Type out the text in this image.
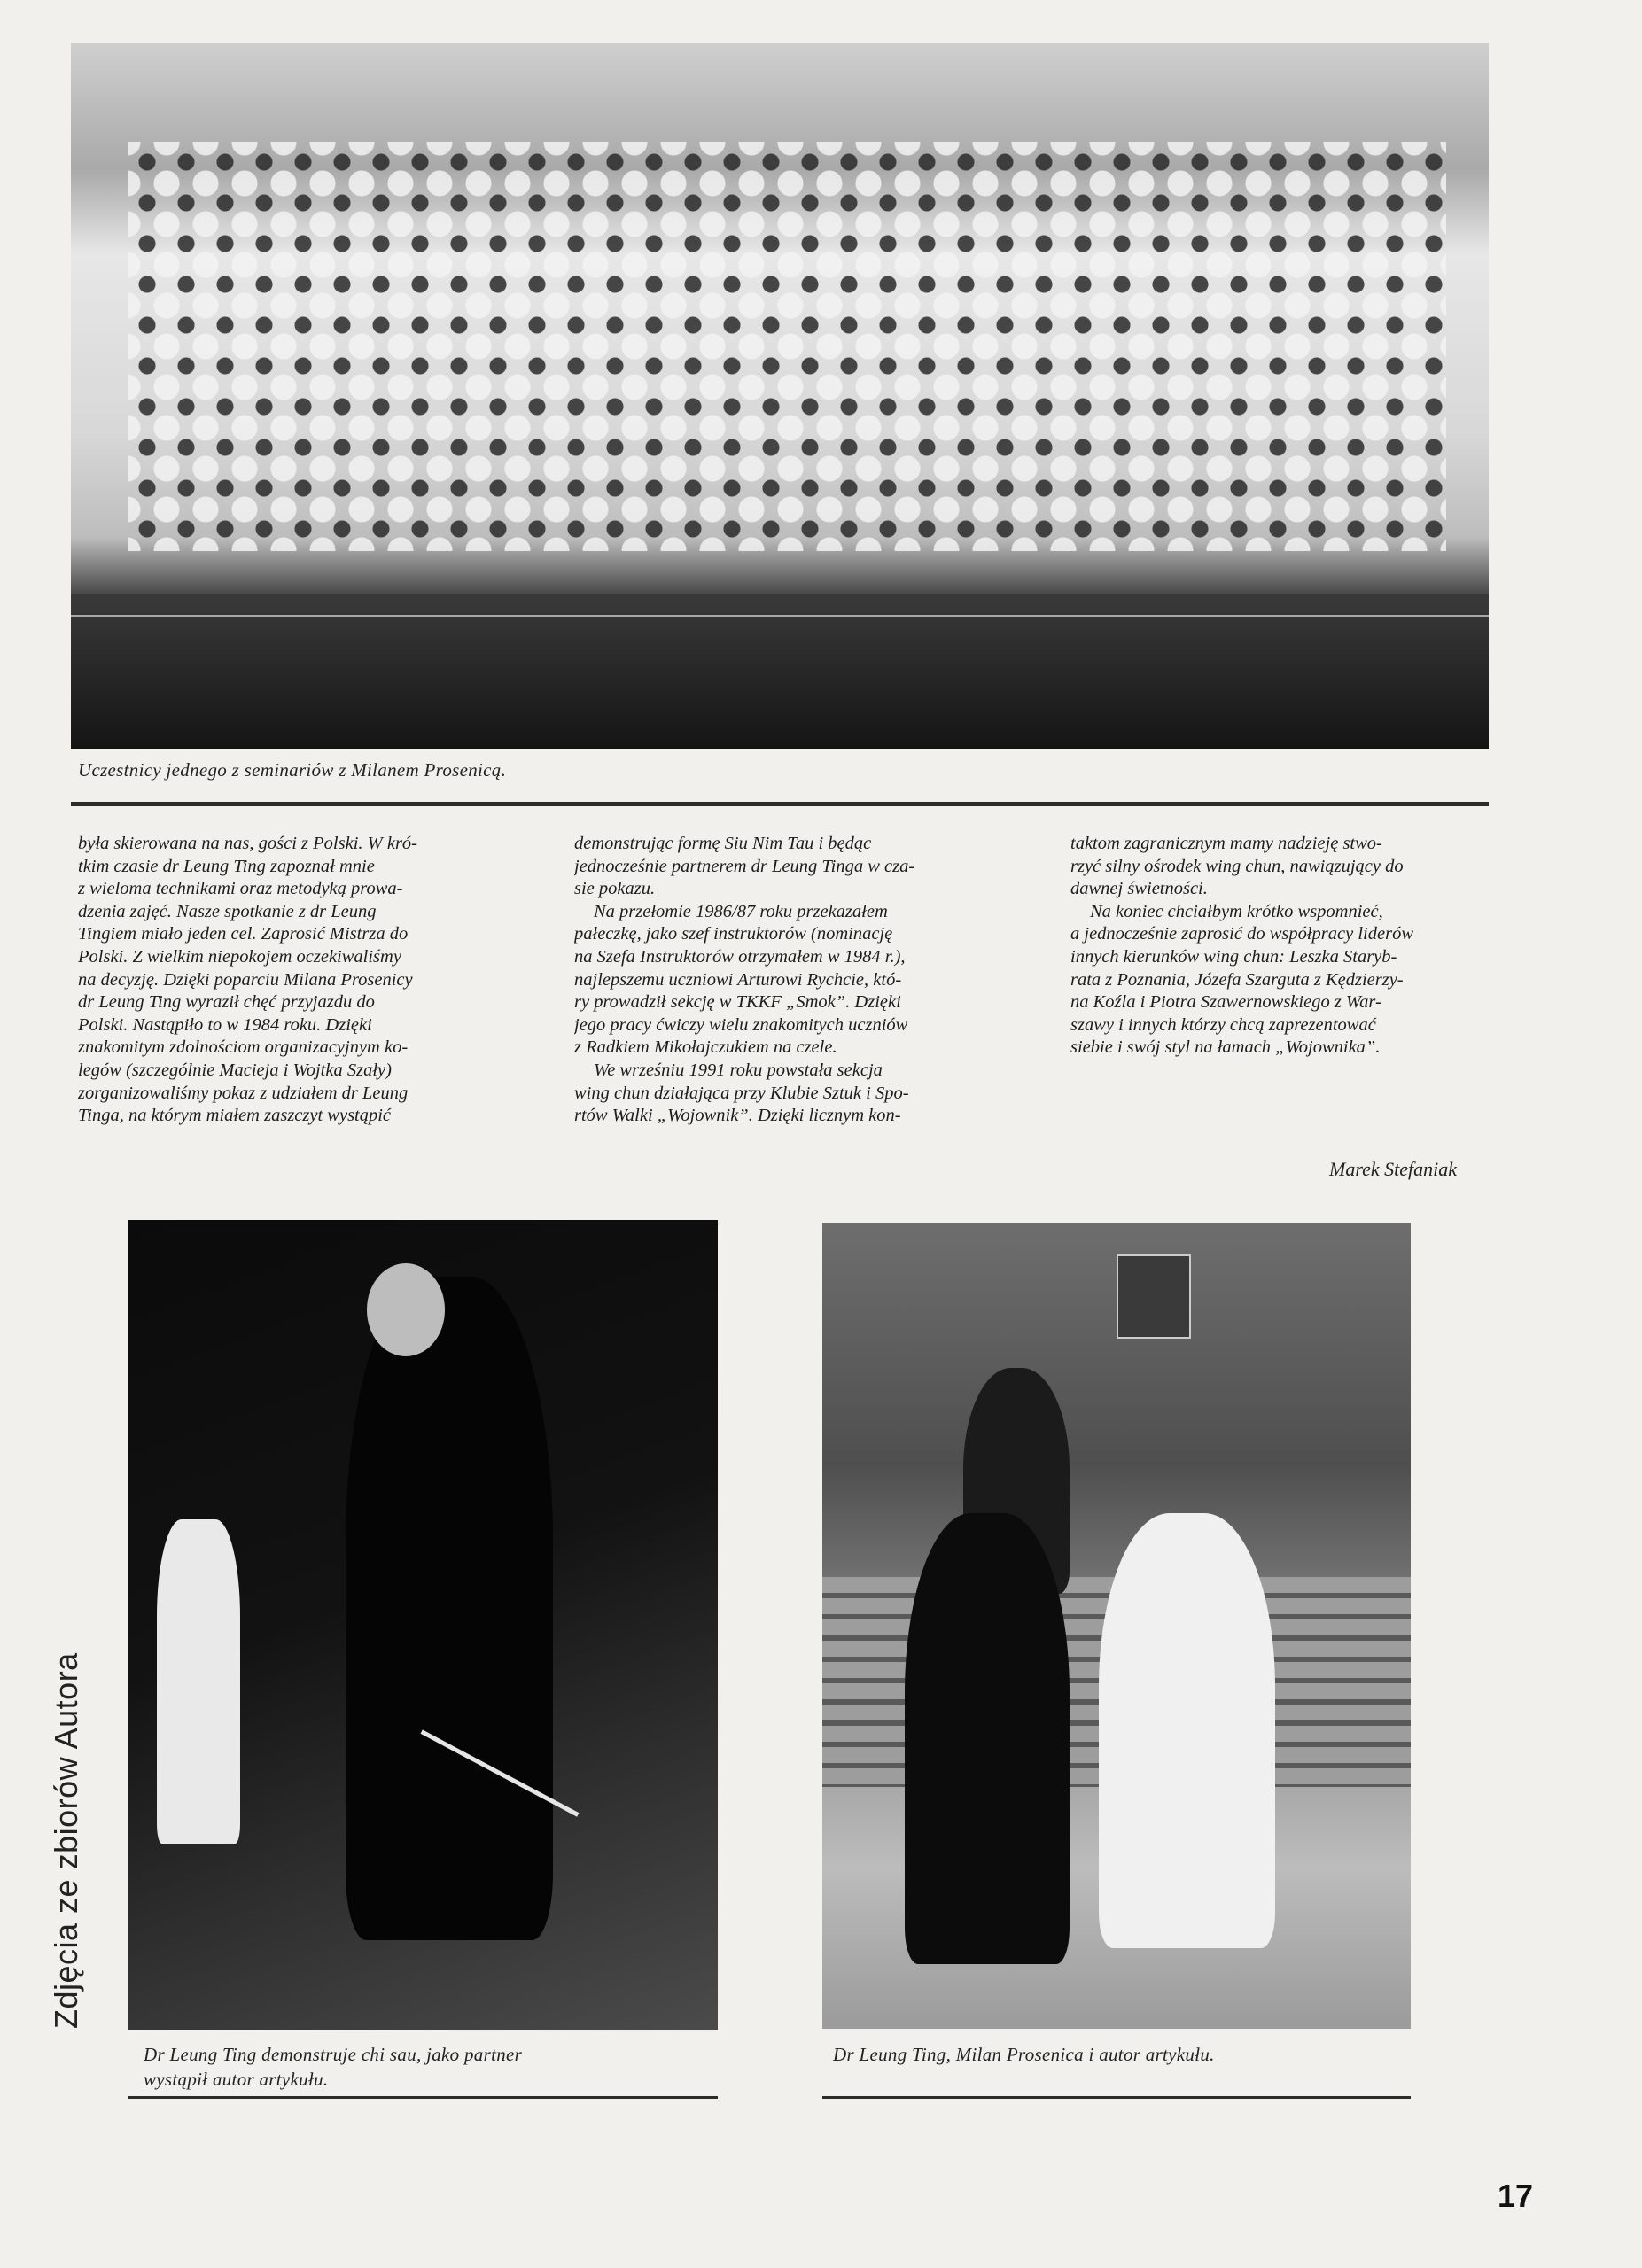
Uczestnicy jednego z seminariów z Milanem Prosenicą.
była skierowana na nas, gości z Polski. W kró-
tkim czasie dr Leung Ting zapoznał mnie
z wieloma technikami oraz metodyką prowa-
dzenia zajęć. Nasze spotkanie z dr Leung
Tingiem miało jeden cel. Zaprosić Mistrza do
Polski. Z wielkim niepokojem oczekiwaliśmy
na decyzję. Dzięki poparciu Milana Prosenicy
dr Leung Ting wyraził chęć przyjazdu do
Polski. Nastąpiło to w 1984 roku. Dzięki
znakomitym zdolnościom organizacyjnym ko-
legów (szczególnie Macieja i Wojtka Szały)
zorganizowaliśmy pokaz z udziałem dr Leung
Tinga, na którym miałem zaszczyt wystąpić
demonstrując formę Siu Nim Tau i będąc
jednocześnie partnerem dr Leung Tinga w cza-
sie pokazu.
Na przełomie 1986/87 roku przekazałem
pałeczkę, jako szef instruktorów (nominację
na Szefa Instruktorów otrzymałem w 1984 r.),
najlepszemu uczniowi Arturowi Rychcie, któ-
ry prowadził sekcję w TKKF „Smok”. Dzięki
jego pracy ćwiczy wielu znakomitych uczniów
z Radkiem Mikołajczukiem na czele.
We wrześniu 1991 roku powstała sekcja
wing chun działająca przy Klubie Sztuk i Spo-
rtów Walki „Wojownik”. Dzięki licznym kon-
taktom zagranicznym mamy nadzieję stwo-
rzyć silny ośrodek wing chun, nawiązujący do
dawnej świetności.
Na koniec chciałbym krótko wspomnieć,
a jednocześnie zaprosić do współpracy liderów
innych kierunków wing chun: Leszka Staryb-
rata z Poznania, Józefa Szarguta z Kędzierzy-
na Koźla i Piotra Szawernowskiego z War-
szawy i innych którzy chcą zaprezentować
siebie i swój styl na łamach „Wojownika”.
Marek Stefaniak
Dr Leung Ting demonstruje chi sau, jako partner
wystąpił autor artykułu.
Dr Leung Ting, Milan Prosenica i autor artykułu.
Zdjęcia ze zbiorów Autora
17
